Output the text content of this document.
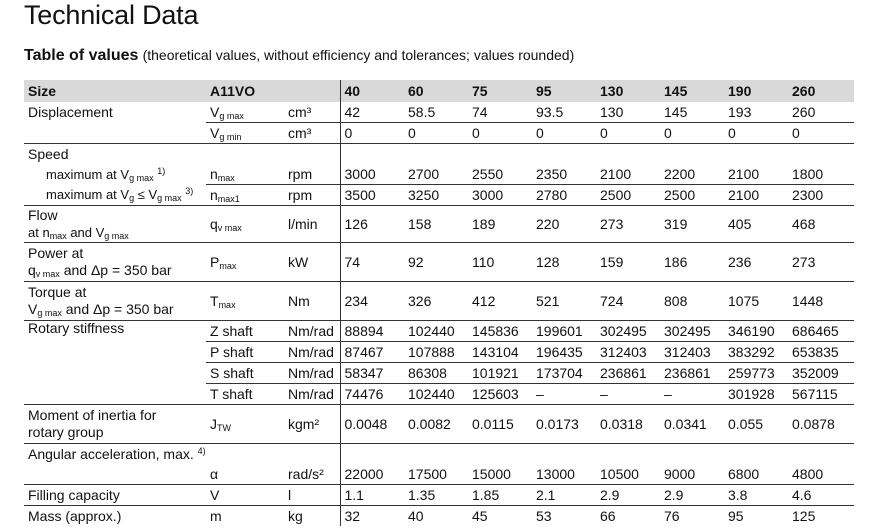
Technical Data
Table of values (theoretical values, without efficiency and tolerances; values rounded)
Size	A11VO		40	60	75	95	130	145	190	260
Displacement	$V_{g max}$	cm³	42	58.5	74	93.5	130	145	193	260
	$V_{g min}$	cm³	0	0	0	0	0	0	0	0
Speed										
maximum at $V_{g max}$ $^{1)}$	$n_{max}$	rpm	3000	2700	2550	2350	2100	2200	2100	1800
maximum at $V_g \le V_{g max}$ $^{3)}$	$n_{max1}$	rpm	3500	3250	3000	2780	2500	2500	2100	2300
Flow
at $n_{max}$ and $V_{g max}$	$q_{v max}$	l/min	126	158	189	220	273	319	405	468
Power at
$q_{v max}$ and Δp = 350 bar	$P_{max}$	kW	74	92	110	128	159	186	236	273
Torque at
$V_{g max}$ and Δp = 350 bar	$T_{max}$	Nm	234	326	412	521	724	808	1075	1448
Rotary stiffness	Z shaft	Nm/rad	88894	102440	145836	199601	302495	302495	346190	686465
	P shaft	Nm/rad	87467	107888	143104	196435	312403	312403	383292	653835
	S shaft	Nm/rad	58347	86308	101921	173704	236861	236861	259773	352009
	T shaft	Nm/rad	74476	102440	125603	–	–	–	301928	567115
Moment of inertia for
rotary group	$J_{TW}$	kgm²	0.0048	0.0082	0.0115	0.0173	0.0318	0.0341	0.055	0.0878
Angular acceleration, max. $^{4)}$										
	α	rad/s²	22000	17500	15000	13000	10500	9000	6800	4800
Filling capacity	V	l	1.1	1.35	1.85	2.1	2.9	2.9	3.8	4.6
Mass (approx.)	m	kg	32	40	45	53	66	76	95	125
